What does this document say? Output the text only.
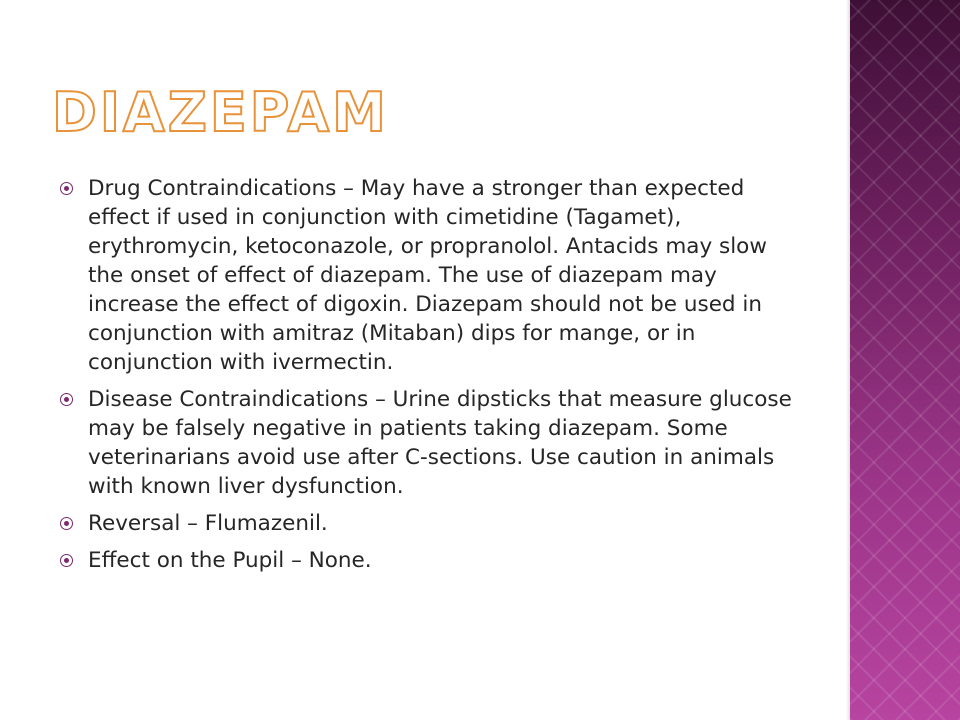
DIAZEPAM
Drug Contraindications – May have a stronger than expected effect if used in conjunction with cimetidine (Tagamet), erythromycin, ketoconazole, or propranolol. Antacids may slow the onset of effect of diazepam. The use of diazepam may increase the effect of digoxin. Diazepam should not be used in conjunction with amitraz (Mitaban) dips for mange, or in conjunction with ivermectin.
Disease Contraindications – Urine dipsticks that measure glucose may be falsely negative in patients taking diazepam. Some veterinarians avoid use after C-sections. Use caution in animals with known liver dysfunction.
Reversal – Flumazenil.
Effect on the Pupil – None.
